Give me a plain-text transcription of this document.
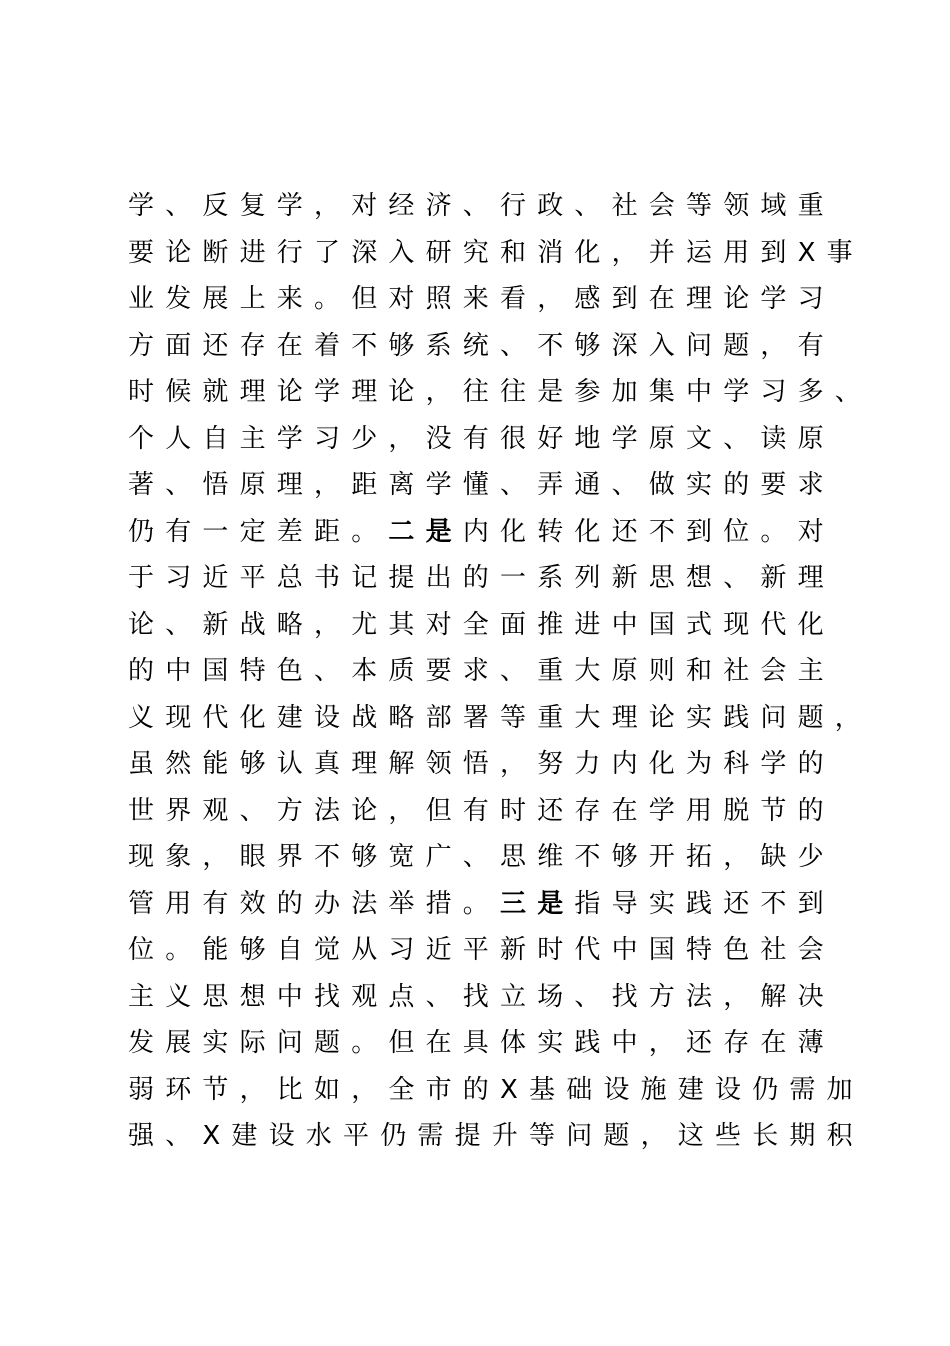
学、反复学，对经济、行政、社会等领域重
要论断进行了深入研究和消化，并运用到X事
业发展上来。但对照来看，感到在理论学习
方面还存在着不够系统、不够深入问题，有
时候就理论学理论，往往是参加集中学习多、
个人自主学习少，没有很好地学原文、读原
著、悟原理，距离学懂、弄通、做实的要求
仍有一定差距。二是内化转化还不到位。对
于习近平总书记提出的一系列新思想、新理
论、新战略，尤其对全面推进中国式现代化
的中国特色、本质要求、重大原则和社会主
义现代化建设战略部署等重大理论实践问题，
虽然能够认真理解领悟，努力内化为科学的
世界观、方法论，但有时还存在学用脱节的
现象，眼界不够宽广、思维不够开拓，缺少
管用有效的办法举措。三是指导实践还不到
位。能够自觉从习近平新时代中国特色社会
主义思想中找观点、找立场、找方法，解决
发展实际问题。但在具体实践中，还存在薄
弱环节，比如，全市的X基础设施建设仍需加
强、X建设水平仍需提升等问题，这些长期积
